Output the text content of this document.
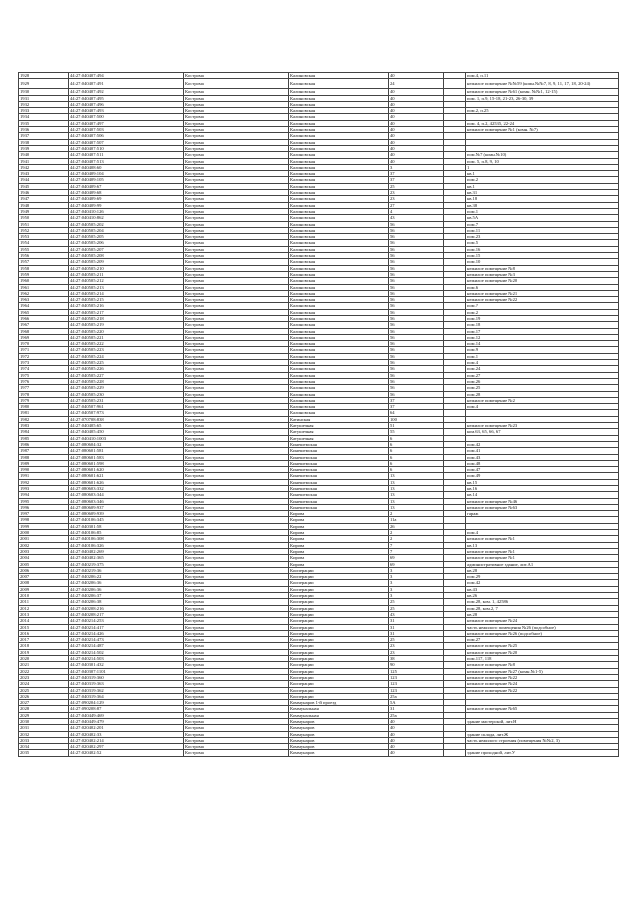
1928	44:27:040407:494	Кострома	Калиновская	40		пом.4, п.11
1929	44:27:040407:491	Кострома	Калиновская	24		нежилое помещение №№59 (комн.№№7, 8, 9, 11, 17, 18, 20-24)
1930	44:27:040407:492	Кострома	Калиновская	40		нежилое помещение №61 (комн. №№1, 12-15)
1931	44:27:040407:495	Кострома	Калиновская	40		пом. 1, п.9, 15-18, 21-23, 26-30, 39
1932	44:27:040407:496	Кострома	Калиновская	40		
1933	44:27:040407:493	Кострома	Калиновская	40		пом.2, п.25
1934	44:27:040407:500	Кострома	Калиновская	40		
1935	44:27:040407:497	Кострома	Калиновская	40		пом. 4, п.2, 42535, 22-24
1936	44:27:040407:503	Кострома	Калиновская	40		нежилое помещение №1 (комн. №7)
1937	44:27:040407:506	Кострома	Калиновская	40		
1938	44:27:040407:507	Кострома	Калиновская	40		
1939	44:27:040407:510	Кострома	Калиновская	40		
1940	44:27:040407:511	Кострома	Калиновская	40		пом.№7 (комн.№10)
1941	44:27:040407:513	Кострома	Калиновская	40		пом. 5, п.8, 9, 10
1942	44:27:040408:60	Кострома	Калиновская	3		1
1943	44:27:040409:104	Кострома	Калиновская	37		кв.1
1944	44:27:040409:105	Кострома	Калиновская	37		пом.2
1945	44:27:040409:67	Кострома	Калиновская	25		кв.1
1946	44:27:040409:68	Кострома	Калиновская	23		кв.31
1947	44:27:040409:69	Кострома	Калиновская	23		кв.18
1948	44:27:040409:99	Кострома	Калиновская	27		кв.38
1949	44:27:040410:126	Кострома	Калиновская	4		пом.1
1950	44:27:040410:862	Кострома	Калиновская	43		кв.5А
1951	44:27:040505:202	Кострома	Калиновская	56		пом.7
1952	44:27:040505:204	Кострома	Калиновская	56		пом.11
1953	44:27:040505:205	Кострома	Калиновская	56		пом.23
1954	44:27:040505:206	Кострома	Калиновская	56		пом.5
1955	44:27:040505:207	Кострома	Калиновская	56		пом.16
1956	44:27:040505:208	Кострома	Калиновская	56		пом.15
1957	44:27:040505:209	Кострома	Калиновская	56		пом.10
1958	44:27:040505:210	Кострома	Калиновская	56		нежилое помещение №8
1959	44:27:040505:211	Кострома	Калиновская	56		нежилое помещение №3
1960	44:27:040505:212	Кострома	Калиновская	56		нежилое помещение №20
1961	44:27:040505:213	Кострома	Калиновская	56		пом.6
1962	44:27:040505:214	Кострома	Калиновская	56		нежилое помещение №21
1963	44:27:040505:215	Кострома	Калиновская	56		нежилое помещение №22
1964	44:27:040505:216	Кострома	Калиновская	56		пом.?
1965	44:27:040505:217	Кострома	Калиновская	56		пом.2
1966	44:27:040505:218	Кострома	Калиновская	56		пом.19
1967	44:27:040505:219	Кострома	Калиновская	56		пом.18
1968	44:27:040505:220	Кострома	Калиновская	56		пом.17
1969	44:27:040505:221	Кострома	Калиновская	56		пом.12
1970	44:27:040505:222	Кострома	Калиновская	56		пом.14
1971	44:27:040505:223	Кострома	Калиновская	56		пом.9
1972	44:27:040505:224	Кострома	Калиновская	56		пом.1
1973	44:27:040505:225	Кострома	Калиновская	56		пом.4
1974	44:27:040505:226	Кострома	Калиновская	56		пом.24
1975	44:27:040505:227	Кострома	Калиновская	56		пом.27
1976	44:27:040505:228	Кострома	Калиновская	56		пом.26
1977	44:27:040505:229	Кострома	Калиновская	56		пом.25
1978	44:27:040505:230	Кострома	Калиновская	56		пом.28
1979	44:27:040505:231	Кострома	Калиновская	37		нежилое помещение №2
1980	44:27:040507:961	Кострома	Калиновская	37		пом.4
1981	44:27:040507:973	Кострома	Калиновская	64		
1982	44:27:070708:838	Кострома	Катинская	100		
1983	44:27:040405:65	Кострома	Катушечная	51		нежилое помещение №23
1984	44:27:040405:450	Кострома	Катушечная	55		ком.63, 65, 66, 67
1985	44:27:040410:1003	Кострома	Катушечная	6		
1986	44:27:080604:32	Кострома	Кинешемская	6		пом.42
1987	44:27:080601:581	Кострома	Кинешемская	6		пом.41
1988	44:27:080601:583	Кострома	Кинешемская	6		пом.43
1989	44:27:080601:598	Кострома	Кинешемская	6		пом.48
1990	44:27:080601:620	Кострома	Кинешемская	6		пом.47
1991	44:27:080601:621	Кострома	Кинешемская	13		пом.49
1992	44:27:080601:626	Кострома	Кинешемская	13		кв.15
1993	44:27:080603:332	Кострома	Кинешемская	13		кв.16
1994	44:27:080603:344	Кострома	Кинешемская	13		кв.14
1995	44:27:080603:346	Кострома	Кинешемская	13		нежилое помещение №46
1996	44:27:080609:937	Кострома	Кинешемская	13		нежилое помещение №63
1997	44:27:080609:939	Кострома	Кирова	2		гараж
1998	44:27:040106:345	Кострома	Кирова	11а		
1999	44:27:040301:58	Кострома	Кирова	26		
2000	44:27:040106:85	Кострома	Кирова	2		пом.4
2001	44:27:040106:308	Кострома	Кирова	2		нежилое помещение №1
2002	44:27:040106:326	Кострома	Кирова	7		кв.13
2003	44:27:040402:269	Кострома	Кирова	7		нежилое помещение №1
2004	44:27:040402:365	Кострома	Кирова	69		нежилое помещение №1
2005	44:27:040219:375	Кострома	Кирова	69		административное здание, лит.А1
2006	44:27:040219:36	Кострома	Кооперации	3		кв.28
2007	44:27:040206:22	Кострома	Кооперации	3		пом.29
2008	44:27:040206:36	Кострома	Кооперации	3		пом.42
2009	44:27:040206:36	Кострома	Кооперации	3		кв.43
2010	44:27:040206:37	Кострома	Кооперации	3		кв.26
2011	44:27:040206:38	Кострома	Кооперации	25		пом.28, ком. 1, 42586
2012	44:27:040208:216	Кострома	Кооперации	25		пом.28, ком.2, 7
2013	44:27:040208:217	Кострома	Кооперации	43		кв.28
2014	44:27:040214:253	Кострома	Кооперации	31		нежилое помещение №24
2015	44:27:040214:417	Кострома	Кооперации	31		часть нежилого помещения №26 (подсобное)
2016	44:27:040214:426	Кострома	Кооперации	31		нежилое помещение №26 (подсобное)
2017	44:27:040214:473	Кострома	Кооперации	25		пом.27
2018	44:27:040214:487	Кострома	Кооперации	23		нежилое помещение №25
2019	44:27:040214:502	Кострома	Кооперации	23		нежилое помещение №20
2020	44:27:040214:503	Кострома	Кооперации	38		пом.117, 118
2021	44:27:040301:432	Кострома	Кооперации	90		нежилое помещение №8
2022	44:27:040307:1101	Кострома	Кооперации	125		нежилое помещение №27 (комн.№1-5)
2023	44:27:040319:360	Кострома	Кооперации	123		нежилое помещение №22
2024	44:27:040319:363	Кострома	Кооперации	123		нежилое помещение №24
2025	44:27:040319:362	Кострома	Кооперации	123		нежилое помещение №22
2026	44:27:040319:364	Кострома	Кооперации	25а		
2027	44:27:090204:129	Кострома	Коммунаров 1-й проезд	5А		
2028	44:27:090208:87	Кострома	Коммунальная	31		нежилое помещение №65
2029	44:27:040449:469	Кострома	Коммунальная	25а		
2030	44:27:040449:479	Кострома	Коммунаров	40		здание мастерской, лит.Н
2031	44:27:020402:201	Кострома	Коммунаров	40		
2032	44:27:020402:33	Кострома	Коммунаров	40		здание склада, лит.Ж
2033	44:27:020402:214	Кострома	Коммунаров	40		часть нежилого строения (помещения №№2, 3)
2034	44:27:020402:297	Кострома	Коммунаров	40		
2035	44:27:020402:52	Кострома	Коммунаров	40		здание проходной, лит.У
